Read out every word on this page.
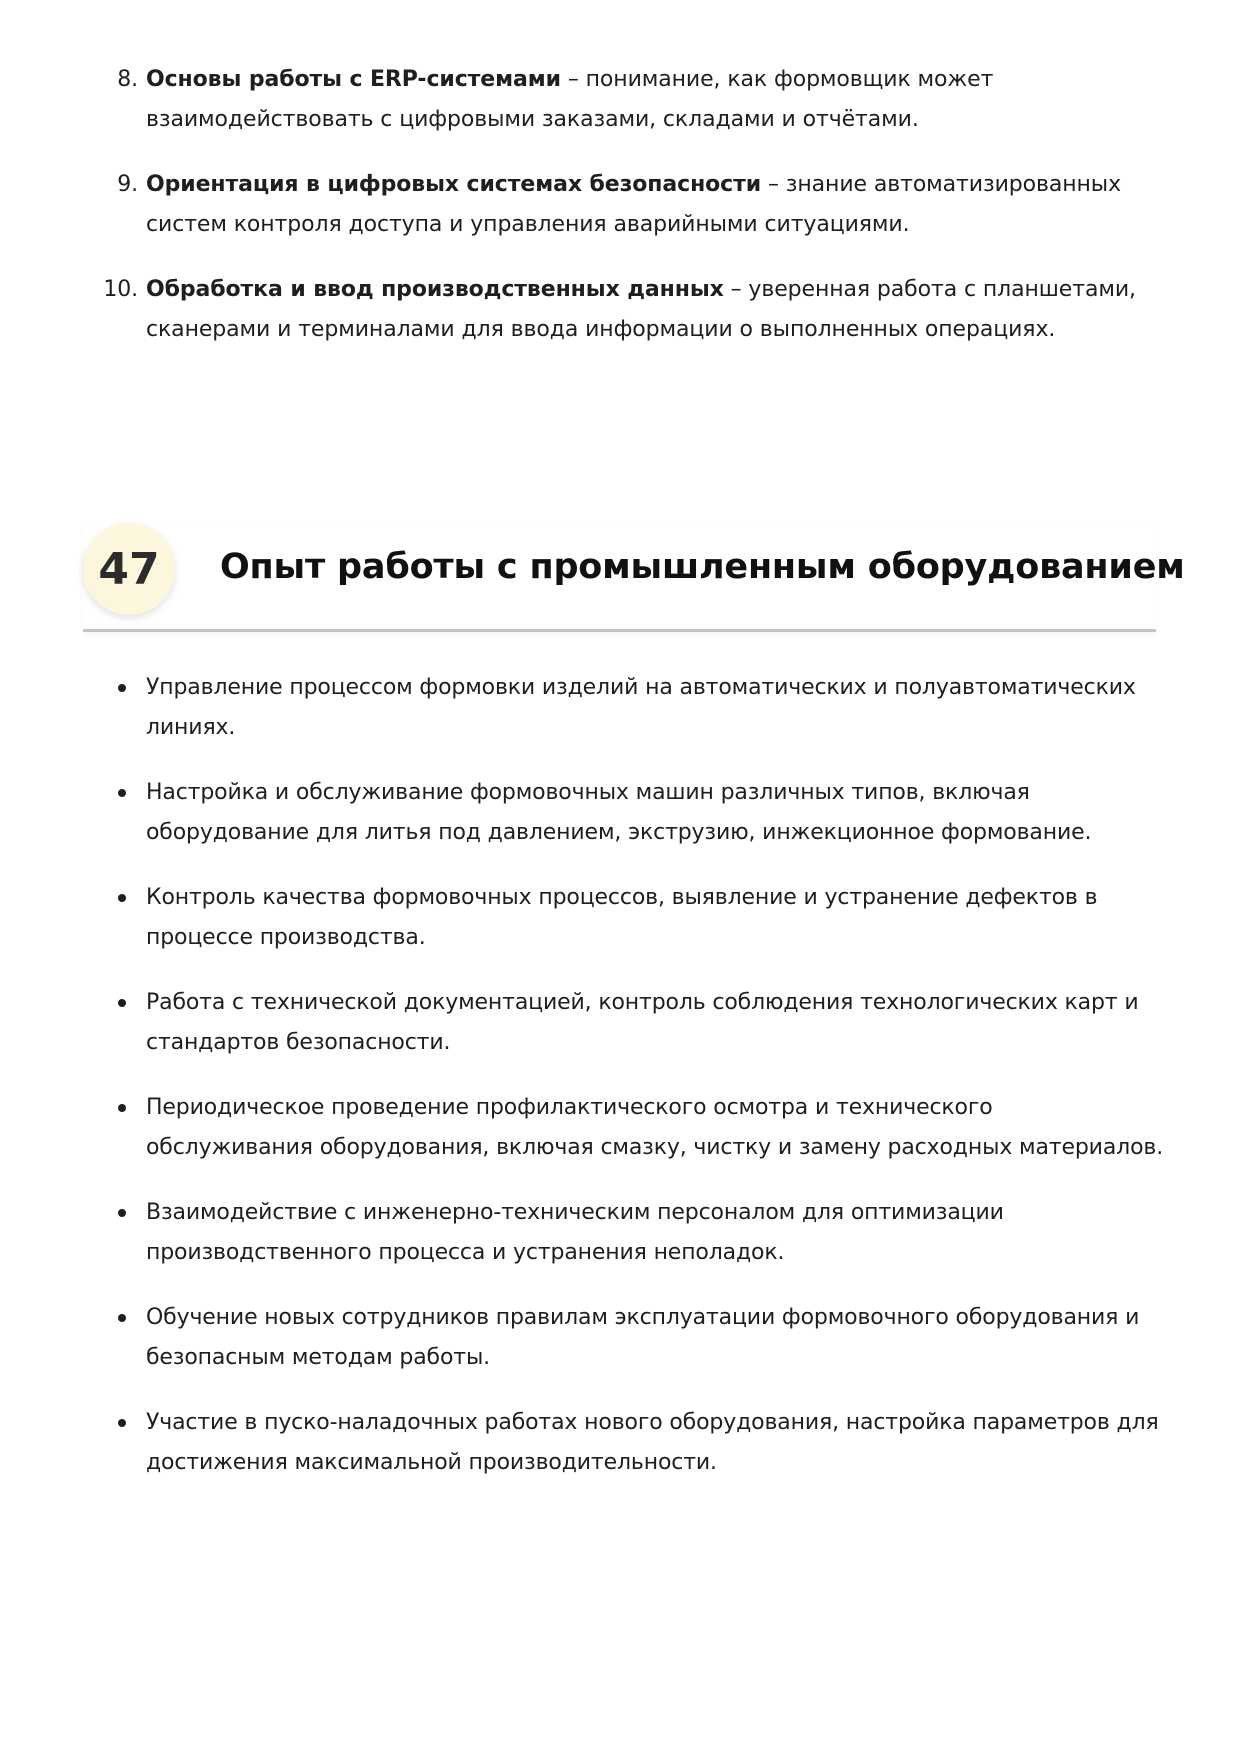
8. Основы работы с ERP-системами – понимание, как формовщик может взаимодействовать с цифровыми заказами, складами и отчётами.
9. Ориентация в цифровых системах безопасности – знание автоматизированных систем контроля доступа и управления аварийными ситуациями.
10. Обработка и ввод производственных данных – уверенная работа с планшетами, сканерами и терминалами для ввода информации о выполненных операциях.
47 Опыт работы с промышленным оборудованием
Управление процессом формовки изделий на автоматических и полуавтоматических линиях.
Настройка и обслуживание формовочных машин различных типов, включая оборудование для литья под давлением, экструзию, инжекционное формование.
Контроль качества формовочных процессов, выявление и устранение дефектов в процессе производства.
Работа с технической документацией, контроль соблюдения технологических карт и стандартов безопасности.
Периодическое проведение профилактического осмотра и технического обслуживания оборудования, включая смазку, чистку и замену расходных материалов.
Взаимодействие с инженерно-техническим персоналом для оптимизации производственного процесса и устранения неполадок.
Обучение новых сотрудников правилам эксплуатации формовочного оборудования и безопасным методам работы.
Участие в пуско-наладочных работах нового оборудования, настройка параметров для достижения максимальной производительности.
